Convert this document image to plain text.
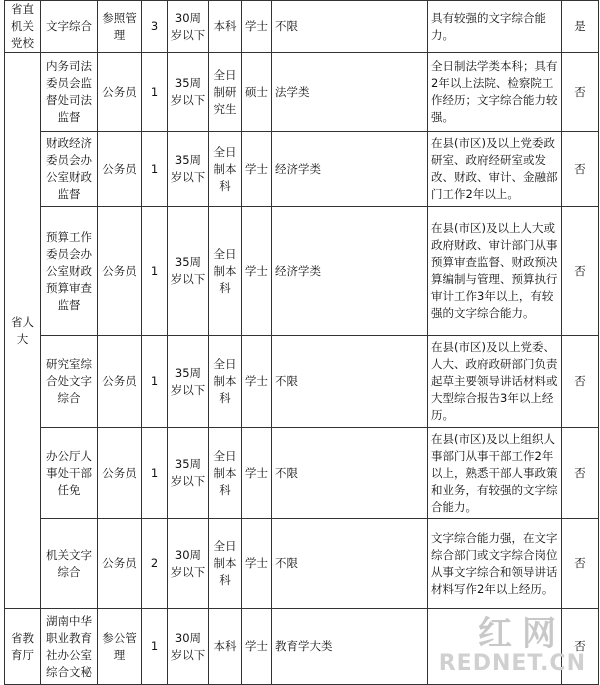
省直机关党校	文字综合	参照管理	3	30周岁以下	本科	学士	不限	具有较强的文字综合能力。	是
省人大	内务司法委员会监督处司法监督	公务员	1	35周岁以下	全日制研究生	硕士	法学类	全日制法学类本科；具有2年以上法院、检察院工作经历；文字综合能力较强。	否
	财政经济委员会办公室财政监督	公务员	1	35周岁以下	全日制本科	学士	经济学类	在县(市区)及以上党委政研室、政府经研室或发改、财政、审计、金融部门工作2年以上。	否
	预算工作委员会办公室财政预算审查监督	公务员	1	35周岁以下	全日制本科	学士	经济学类	在县(市区)及以上人大或政府财政、审计部门从事预算审查监督、财政预决算编制与管理、预算执行审计工作3年以上，有较强的文字综合能力。	否
	研究室综合处文字综合	公务员	1	35周岁以下	全日制本科	学士	不限	在县(市区)及以上党委、人大、政府政研部门负责起草主要领导讲话材料或大型综合报告3年以上经历。	否
	办公厅人事处干部任免	公务员	1	35周岁以下	全日制本科	学士	不限	在县(市区)及以上组织人事部门从事干部工作2年以上，熟悉干部人事政策和业务，有较强的文字综合能力。	否
	机关文字综合	公务员	2	30周岁以下	全日制本科	学士	不限	文字综合能力强，在文字综合部门或文字综合岗位从事文字综合和领导讲话材料写作2年以上经历。	否
省教育厅	湖南中华职业教育社办公室综合文秘	参公管理	1	30周岁以下	本科	学士	教育学大类		否
红网
REDNET.CN
